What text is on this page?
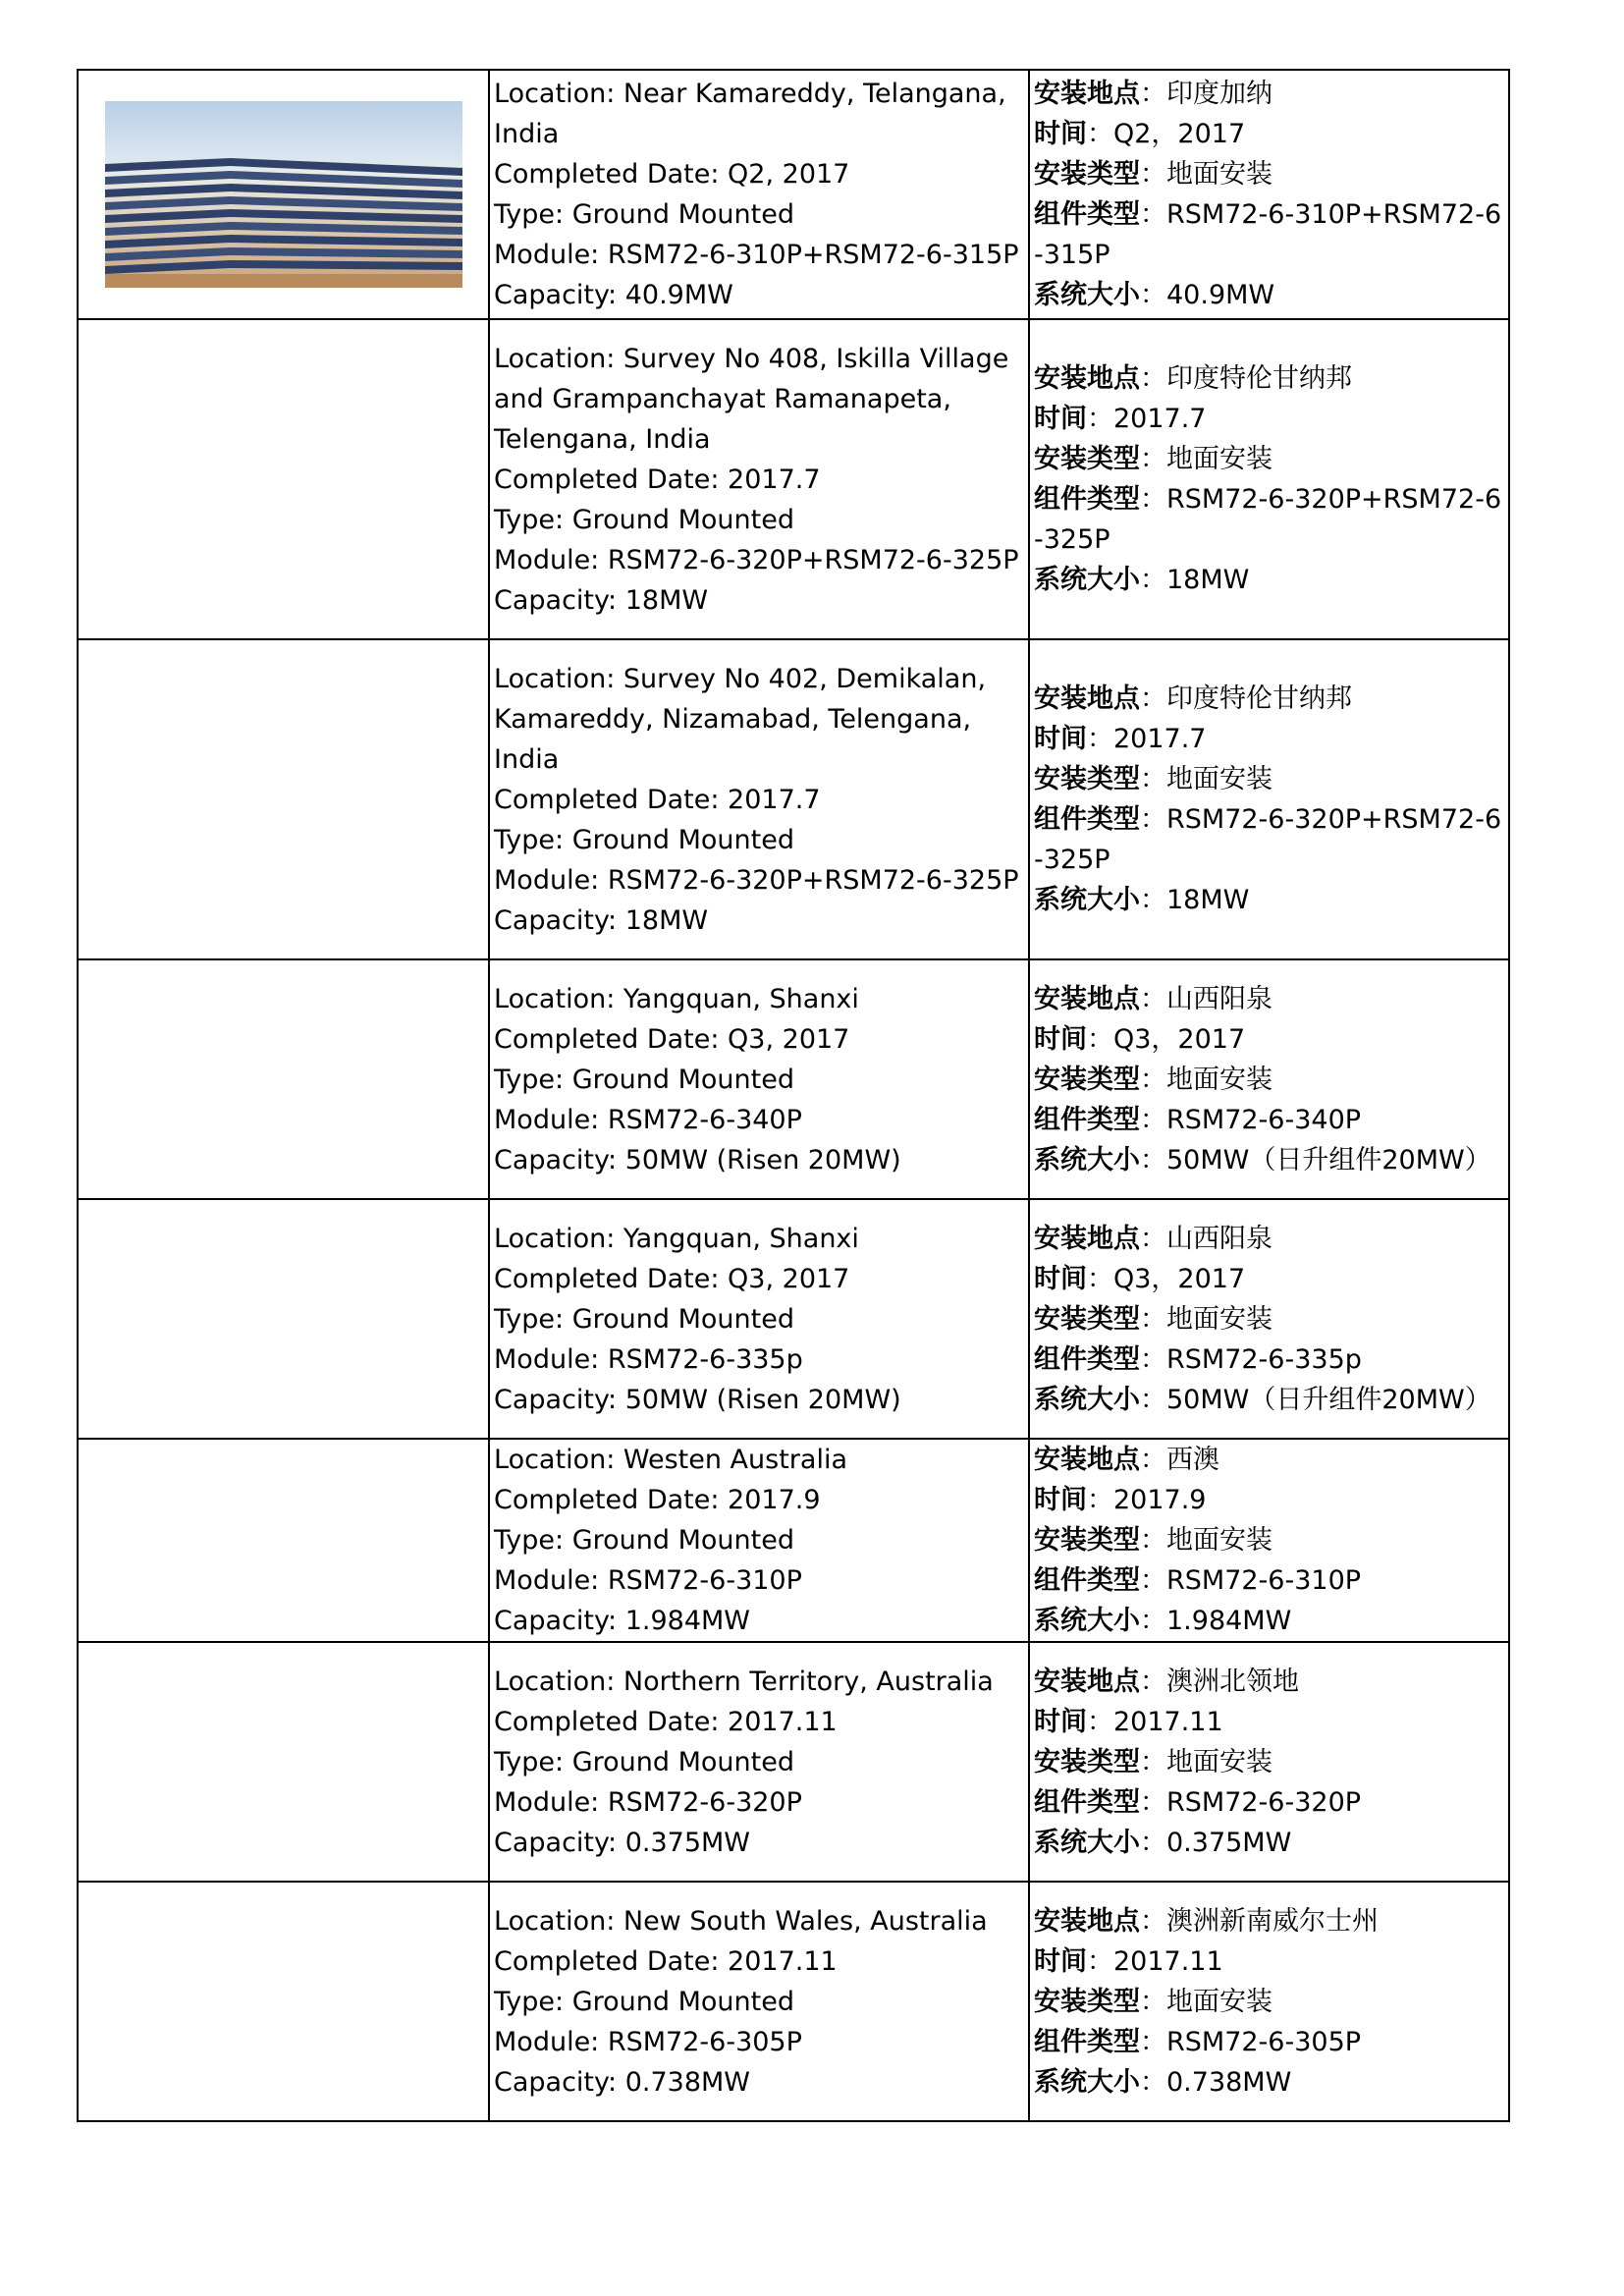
Location: Near Kamareddy, Telangana, India
Completed Date: Q2, 2017
Type: Ground Mounted
Module: RSM72-6-310P+RSM72-6-315P
Capacity: 40.9MW	安装地点：印度加纳
时间：Q2，2017
安装类型：地面安装
组件类型：RSM72-6-310P+RSM72-6-315P
系统大小：40.9MW

	Location: Survey No 408, Iskilla Village and Grampanchayat Ramanapeta, Telengana, India
Completed Date: 2017.7
Type: Ground Mounted
Module: RSM72-6-320P+RSM72-6-325P
Capacity: 18MW	安装地点：印度特伦甘纳邦
时间：2017.7
安装类型：地面安装
组件类型：RSM72-6-320P+RSM72-6-325P
系统大小：18MW

	Location: Survey No 402, Demikalan, Kamareddy, Nizamabad, Telengana, India
Completed Date: 2017.7
Type: Ground Mounted
Module: RSM72-6-320P+RSM72-6-325P
Capacity: 18MW	安装地点：印度特伦甘纳邦
时间：2017.7
安装类型：地面安装
组件类型：RSM72-6-320P+RSM72-6-325P
系统大小：18MW

	Location: Yangquan, Shanxi
Completed Date: Q3, 2017
Type: Ground Mounted
Module: RSM72-6-340P
Capacity: 50MW (Risen 20MW)	安装地点：山西阳泉
时间：Q3，2017
安装类型：地面安装
组件类型：RSM72-6-340P
系统大小：50MW（日升组件20MW）

	Location: Yangquan, Shanxi
Completed Date: Q3, 2017
Type: Ground Mounted
Module: RSM72-6-335p
Capacity: 50MW (Risen 20MW)	安装地点：山西阳泉
时间：Q3，2017
安装类型：地面安装
组件类型：RSM72-6-335p
系统大小：50MW（日升组件20MW）

	Location: Westen Australia
Completed Date: 2017.9
Type: Ground Mounted
Module: RSM72-6-310P
Capacity: 1.984MW	安装地点：西澳
时间：2017.9
安装类型：地面安装
组件类型：RSM72-6-310P
系统大小：1.984MW

	Location: Northern Territory, Australia
Completed Date: 2017.11
Type: Ground Mounted
Module: RSM72-6-320P
Capacity: 0.375MW	安装地点：澳洲北领地
时间：2017.11
安装类型：地面安装
组件类型：RSM72-6-320P
系统大小：0.375MW

	Location: New South Wales, Australia
Completed Date: 2017.11
Type: Ground Mounted
Module: RSM72-6-305P
Capacity: 0.738MW	安装地点：澳洲新南威尔士州
时间：2017.11
安装类型：地面安装
组件类型：RSM72-6-305P
系统大小：0.738MW
